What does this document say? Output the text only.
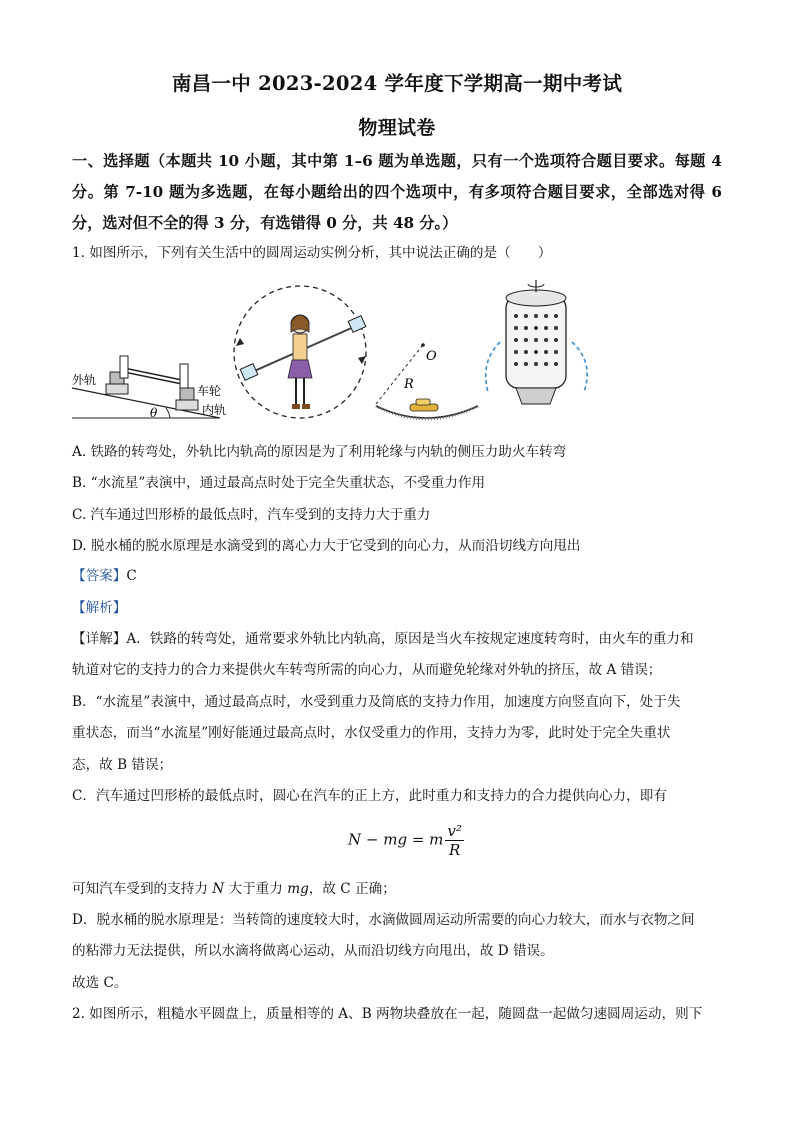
南昌一中 2023-2024 学年度下学期高一期中考试
物理试卷
一、选择题（本题共 10 小题，其中第 1–6 题为单选题，只有一个选项符合题目要求。每题 4
分。第 7-10 题为多选题，在每小题给出的四个选项中，有多项符合题目要求，全部选对得 6
分，选对但不全的得 3 分，有选错得 0 分，共 48 分。）
1. 如图所示，下列有关生活中的圆周运动实例分析，其中说法正确的是（　　）
θ
外轨
车轮
内轨
O
R
A. 铁路的转弯处，外轨比内轨高的原因是为了利用轮缘与内轨的侧压力助火车转弯
B. “水流星”表演中，通过最高点时处于完全失重状态，不受重力作用
C. 汽车通过凹形桥的最低点时，汽车受到的支持力大于重力
D. 脱水桶的脱水原理是水滴受到的离心力大于它受到的向心力，从而沿切线方向甩出
【答案】C
【解析】
【详解】A．铁路的转弯处，通常要求外轨比内轨高，原因是当火车按规定速度转弯时，由火车的重力和
轨道对它的支持力的合力来提供火车转弯所需的向心力，从而避免轮缘对外轨的挤压，故 A 错误；
B．“水流星”表演中，通过最高点时，水受到重力及筒底的支持力作用，加速度方向竖直向下，处于失
重状态，而当“水流星”刚好能通过最高点时，水仅受重力的作用，支持力为零，此时处于完全失重状
态，故 B 错误；
C．汽车通过凹形桥的最低点时，圆心在汽车的正上方，此时重力和支持力的合力提供向心力，即有
N − mg = m $\frac{\text{v²}}{R}$
可知汽车受到的支持力 N 大于重力 mg，故 C 正确；
D．脱水桶的脱水原理是：当转筒的速度较大时，水滴做圆周运动所需要的向心力较大，而水与衣物之间
的粘滞力无法提供，所以水滴将做离心运动，从而沿切线方向甩出，故 D 错误。
故选 C。
2. 如图所示，粗糙水平圆盘上，质量相等的 A、B 两物块叠放在一起，随圆盘一起做匀速圆周运动，则下
